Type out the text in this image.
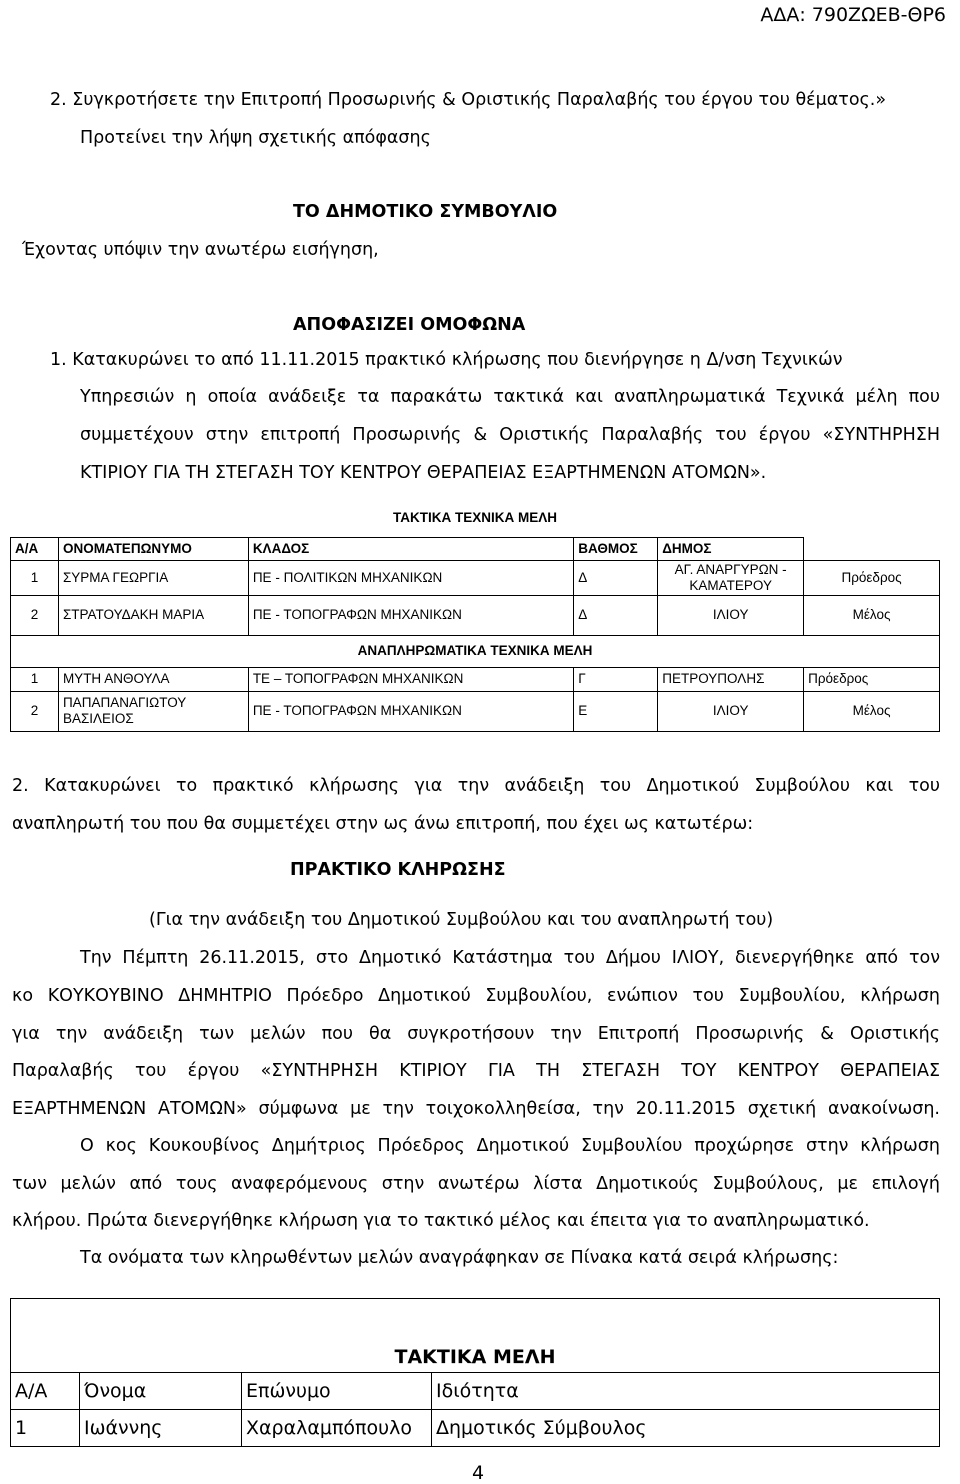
ΑΔΑ: 790ΖΩΕΒ-ΘΡ6
2. Συγκροτήσετε την Επιτροπή Προσωρινής & Οριστικής Παραλαβής του έργου του θέματος.»
Προτείνει την λήψη σχετικής απόφασης
ΤΟ ΔΗΜΟΤΙΚΟ ΣΥΜΒΟΥΛΙΟ
Έχοντας υπόψιν την ανωτέρω εισήγηση,
ΑΠΟΦΑΣΙΖΕΙ ΟΜΟΦΩΝΑ
1. Κατακυρώνει το από 11.11.2015 πρακτικό κλήρωσης που διενήργησε η Δ/νση Τεχνικών
Υπηρεσιών η οποία ανάδειξε τα παρακάτω τακτικά και αναπληρωματικά Τεχνικά μέλη που
συμμετέχουν στην επιτροπή Προσωρινής & Οριστικής Παραλαβής του έργου «ΣΥΝΤΗΡΗΣΗ
ΚΤΙΡΙΟΥ ΓΙΑ ΤΗ ΣΤΕΓΑΣΗ ΤΟΥ ΚΕΝΤΡΟΥ ΘΕΡΑΠΕΙΑΣ ΕΞΑΡΤΗΜΕΝΩΝ ΑΤΟΜΩΝ».
ΤΑΚΤΙΚΑ ΤΕΧΝΙΚΑ ΜΕΛΗ					
Α/Α	ΟΝΟΜΑΤΕΠΩΝΥΜΟ	ΚΛΑΔΟΣ	ΒΑΘΜΟΣ	ΔΗΜΟΣ	
1	ΣΥΡΜΑ ΓΕΩΡΓΙΑ	ΠΕ - ΠΟΛΙΤΙΚΩΝ ΜΗΧΑΝΙΚΩΝ	Δ	ΑΓ. ΑΝΑΡΓΥΡΩΝ - ΚΑΜΑΤΕΡΟΥ	Πρόεδρος
2	ΣΤΡΑΤΟΥΔΑΚΗ ΜΑΡΙΑ	ΠΕ - ΤΟΠΟΓΡΑΦΩΝ ΜΗΧΑΝΙΚΩΝ	Δ	ΙΛΙΟΥ	Μέλος
ΑΝΑΠΛΗΡΩΜΑΤΙΚΑ ΤΕΧΝΙΚΑ ΜΕΛΗ					
1	ΜΥΤΗ ΑΝΘΟΥΛΑ	ΤΕ – ΤΟΠΟΓΡΑΦΩΝ ΜΗΧΑΝΙΚΩΝ	Γ	ΠΕΤΡΟΥΠΟΛΗΣ	Πρόεδρος
2	ΠΑΠΑΠΑΝΑΓΙΩΤΟΥ ΒΑΣΙΛΕΙΟΣ	ΠΕ - ΤΟΠΟΓΡΑΦΩΝ ΜΗΧΑΝΙΚΩΝ	Ε	ΙΛΙΟΥ	Μέλος
2. Κατακυρώνει το πρακτικό κλήρωσης για την ανάδειξη του Δημοτικού Συμβούλου και του
αναπληρωτή του που θα συμμετέχει στην ως άνω επιτροπή, που έχει ως κατωτέρω:
ΠΡΑΚΤΙΚΟ ΚΛΗΡΩΣΗΣ
(Για την ανάδειξη του Δημοτικού Συμβούλου και του αναπληρωτή του)
Την Πέμπτη 26.11.2015, στο Δημοτικό Κατάστημα του Δήμου ΙΛΙΟΥ, διενεργήθηκε από τον
κο ΚΟΥΚΟΥΒΙΝΟ ΔΗΜΗΤΡΙΟ Πρόεδρο Δημοτικού Συμβουλίου, ενώπιον του Συμβουλίου, κλήρωση
για την ανάδειξη των μελών που θα συγκροτήσουν την Επιτροπή Προσωρινής & Οριστικής
Παραλαβής του έργου «ΣΥΝΤΗΡΗΣΗ ΚΤΙΡΙΟΥ ΓΙΑ ΤΗ ΣΤΕΓΑΣΗ ΤΟΥ ΚΕΝΤΡΟΥ ΘΕΡΑΠΕΙΑΣ
ΕΞΑΡΤΗΜΕΝΩΝ ΑΤΟΜΩΝ» σύμφωνα με την τοιχοκολληθείσα, την 20.11.2015 σχετική ανακοίνωση.
Ο κος Κουκουβίνος Δημήτριος Πρόεδρος Δημοτικού Συμβουλίου προχώρησε στην κλήρωση
των μελών από τους αναφερόμενους στην ανωτέρω λίστα Δημοτικούς Συμβούλους, με επιλογή
κλήρου. Πρώτα διενεργήθηκε κλήρωση για το τακτικό μέλος και έπειτα για το αναπληρωματικό.
Τα ονόματα των κληρωθέντων μελών αναγράφηκαν σε Πίνακα κατά σειρά κλήρωσης:
ΤΑΚΤΙΚΑ ΜΕΛΗ			
Α/Α	Όνομα	Επώνυμο	Ιδιότητα
1	Ιωάννης	Χαραλαμπόπουλο	Δημοτικός Σύμβουλος
4
